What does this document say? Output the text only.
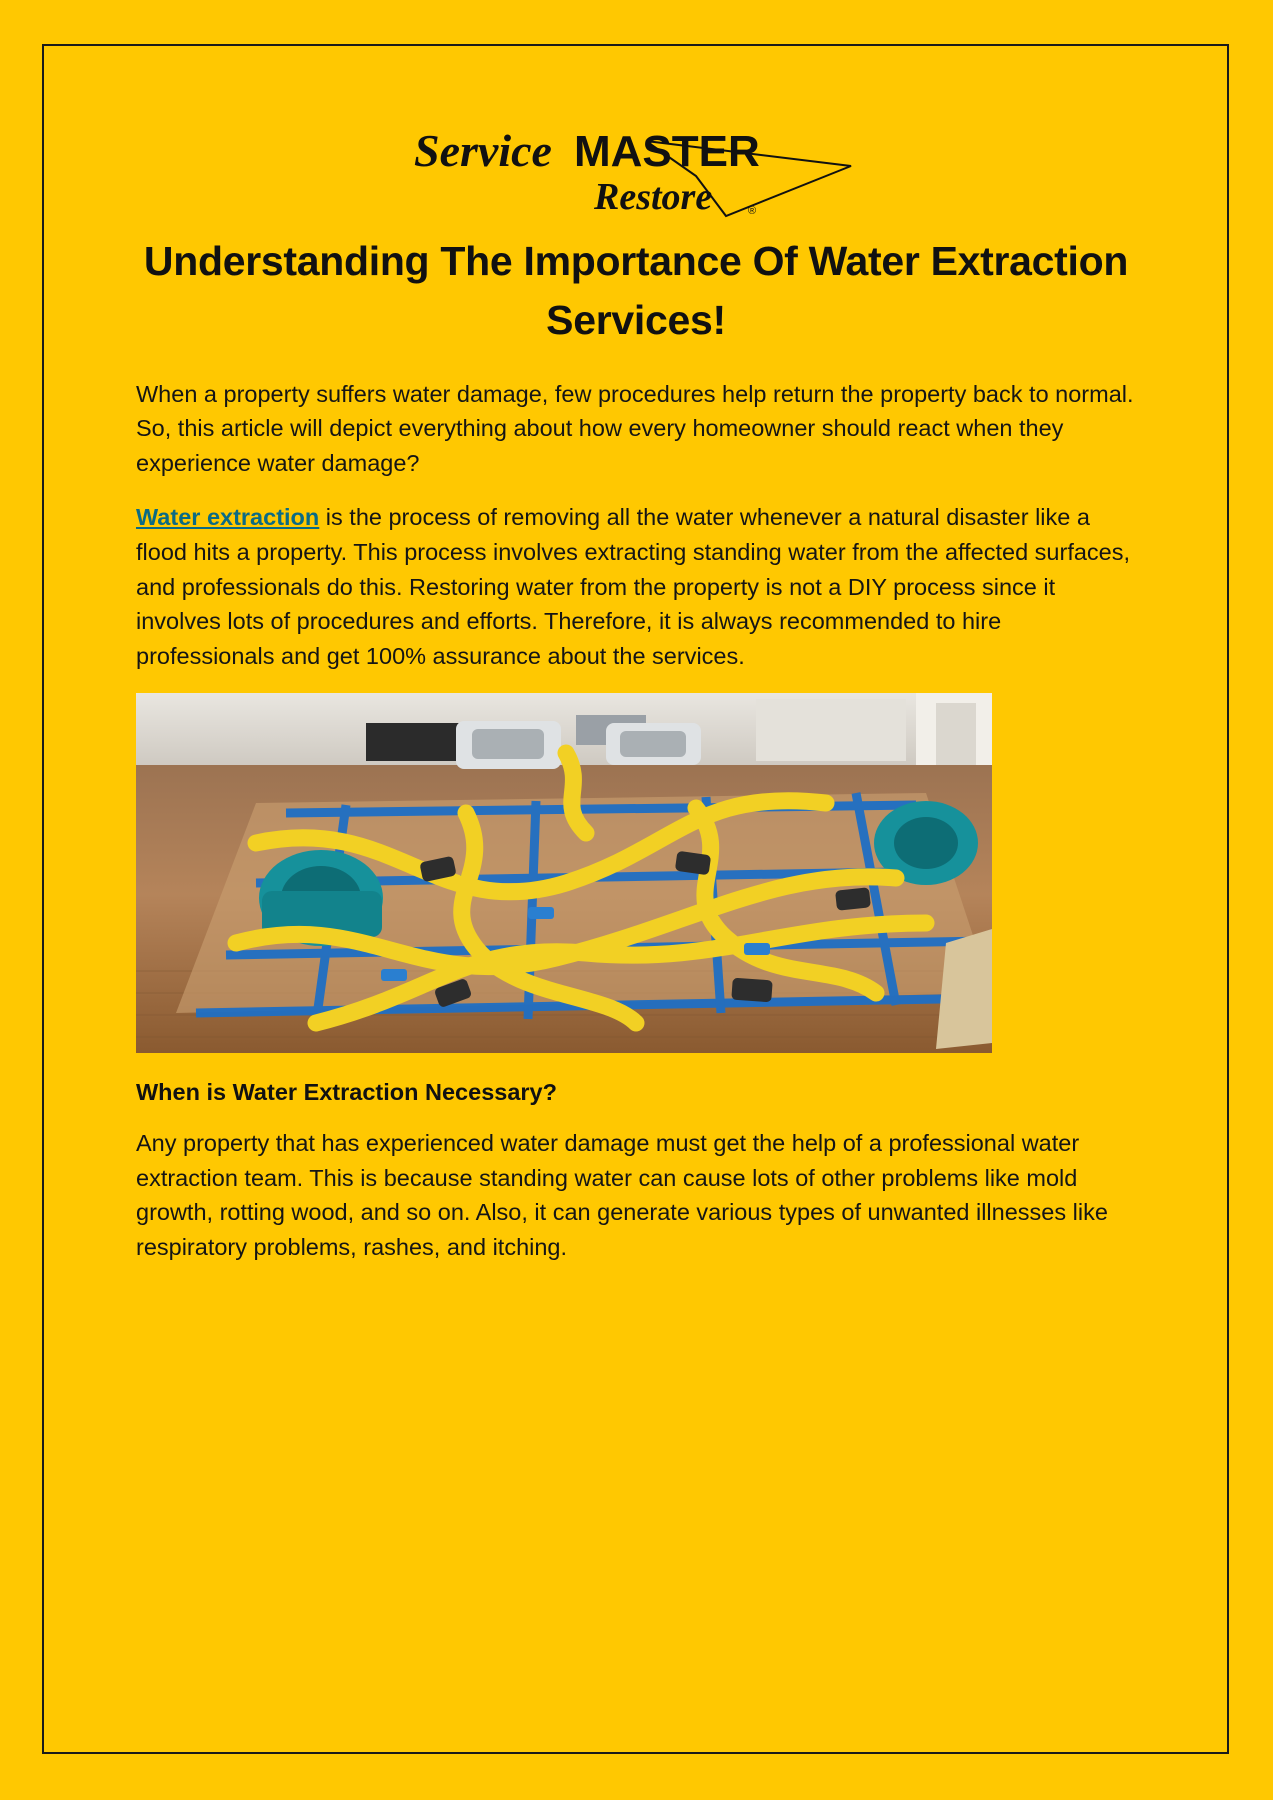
Service MASTER
Restore	®
Understanding The Importance Of Water Extraction Services!

When a property suffers water damage, few procedures help return the property back to normal. So, this article will depict everything about how every homeowner should react when they experience water damage?

Water extraction is the process of removing all the water whenever a natural disaster like a flood hits a property. This process involves extracting standing water from the affected surfaces, and professionals do this. Restoring water from the property is not a DIY process since it involves lots of procedures and efforts. Therefore, it is always recommended to hire professionals and get 100% assurance about the services.

When is Water Extraction Necessary?

Any property that has experienced water damage must get the help of a professional water extraction team. This is because standing water can cause lots of other problems like mold growth, rotting wood, and so on. Also, it can generate various types of unwanted illnesses like respiratory problems, rashes, and itching.
